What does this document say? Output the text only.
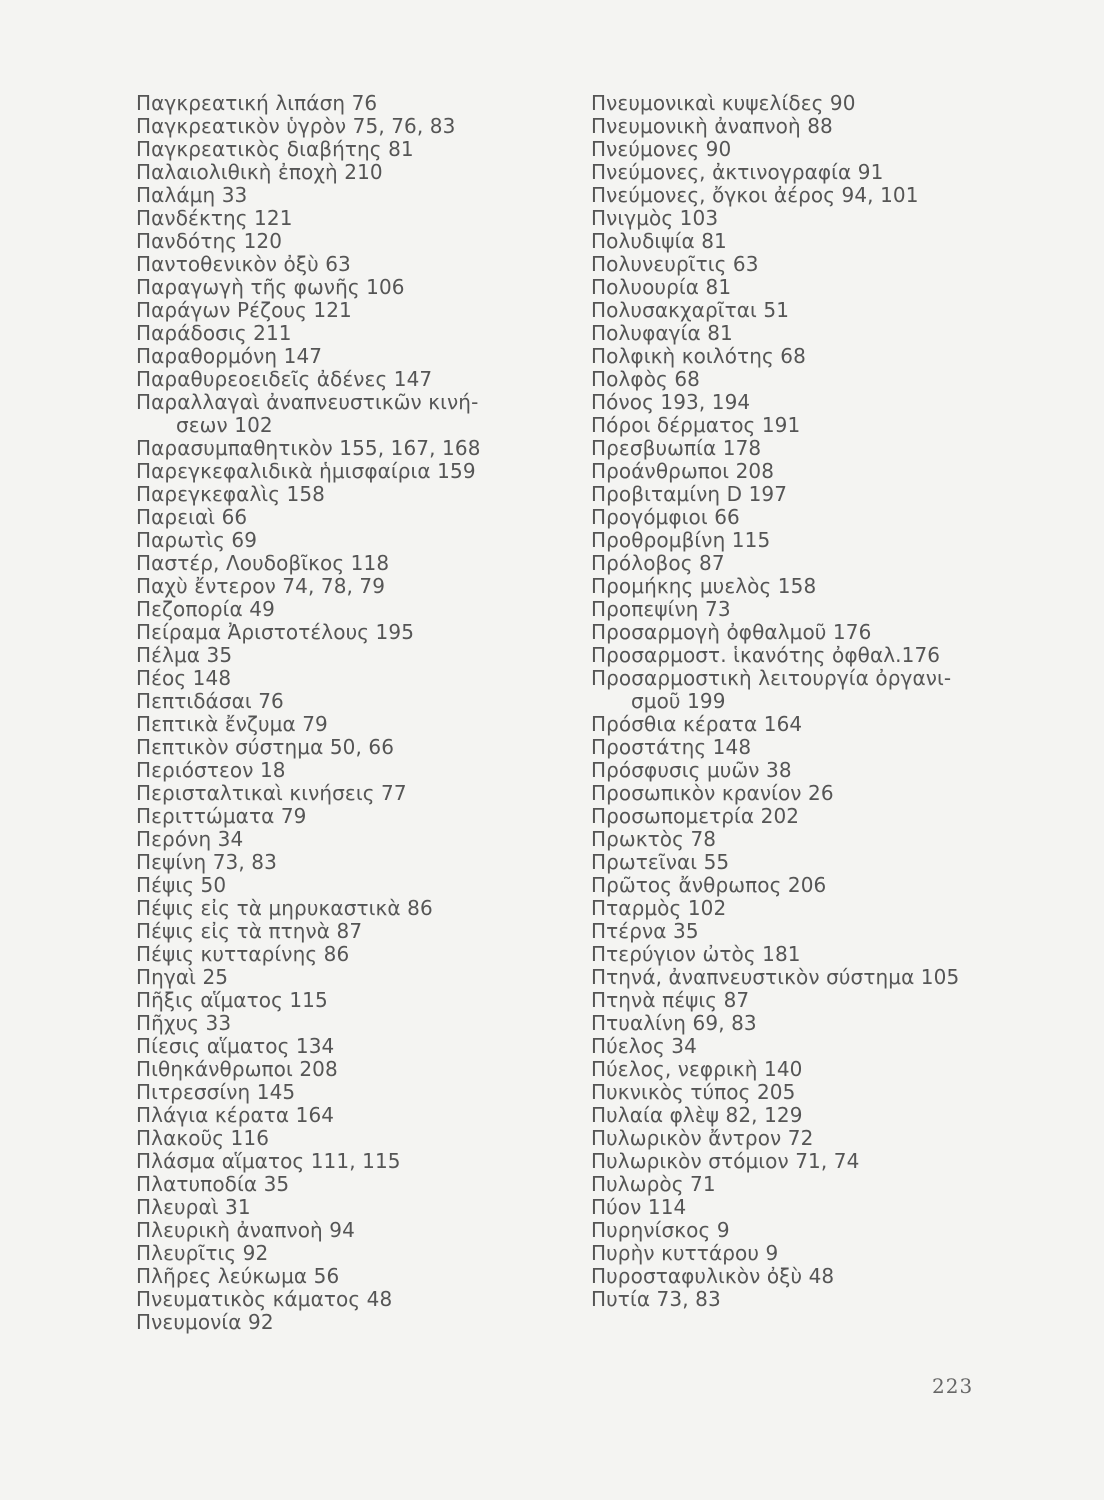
Παγκρεατική λιπάση 76
Παγκρεατικὸν ὑγρὸν 75, 76, 83
Παγκρεατικὸς διαβήτης 81
Παλαιολιθικὴ ἐποχὴ 210
Παλάμη 33
Πανδέκτης 121
Πανδότης 120
Παντοθενικὸν ὀξὺ 63
Παραγωγὴ τῆς φωνῆς 106
Παράγων Ρέζους 121
Παράδοσις 211
Παραθορμόνη 147
Παραθυρεοειδεῖς ἀδένες 147
Παραλλαγαὶ ἀναπνευστικῶν κινή-
σεων 102
Παρασυμπαθητικὸν 155, 167, 168
Παρεγκεφαλιδικὰ ἡμισφαίρια 159
Παρεγκεφαλὶς 158
Παρειαὶ 66
Παρωτὶς 69
Παστέρ, Λουδοβῖκος 118
Παχὺ ἔντερον 74, 78, 79
Πεζοπορία 49
Πείραμα Ἀριστοτέλους 195
Πέλμα 35
Πέος 148
Πεπτιδάσαι 76
Πεπτικὰ ἔνζυμα 79
Πεπτικὸν σύστημα 50, 66
Περιόστεον 18
Περισταλτικαὶ κινήσεις 77
Περιττώματα 79
Περόνη 34
Πεψίνη 73, 83
Πέψις 50
Πέψις εἰς τὰ μηρυκαστικὰ 86
Πέψις εἰς τὰ πτηνὰ 87
Πέψις κυτταρίνης 86
Πηγαὶ 25
Πῆξις αἵματος 115
Πῆχυς 33
Πίεσις αἵματος 134
Πιθηκάνθρωποι 208
Πιτρεσσίνη 145
Πλάγια κέρατα 164
Πλακοῦς 116
Πλάσμα αἵματος 111, 115
Πλατυποδία 35
Πλευραὶ 31
Πλευρικὴ ἀναπνοὴ 94
Πλευρῖτις 92
Πλῆρες λεύκωμα 56
Πνευματικὸς κάματος 48
Πνευμονία 92
Πνευμονικαὶ κυψελίδες 90
Πνευμονικὴ ἀναπνοὴ 88
Πνεύμονες 90
Πνεύμονες, ἀκτινογραφία 91
Πνεύμονες, ὄγκοι ἀέρος 94, 101
Πνιγμὸς 103
Πολυδιψία 81
Πολυνευρῖτις 63
Πολυουρία 81
Πολυσακχαρῖται 51
Πολυφαγία 81
Πολφικὴ κοιλότης 68
Πολφὸς 68
Πόνος 193, 194
Πόροι δέρματος 191
Πρεσβυωπία 178
Προάνθρωποι 208
Προβιταμίνη D 197
Προγόμφιοι 66
Προθρομβίνη 115
Πρόλοβος 87
Προμήκης μυελὸς 158
Προπεψίνη 73
Προσαρμογὴ ὀφθαλμοῦ 176
Προσαρμοστ. ἱκανότης ὀφθαλ.176
Προσαρμοστικὴ λειτουργία ὀργανι-
σμοῦ 199
Πρόσθια κέρατα 164
Προστάτης 148
Πρόσφυσις μυῶν 38
Προσωπικὸν κρανίον 26
Προσωπομετρία 202
Πρωκτὸς 78
Πρωτεῖναι 55
Πρῶτος ἄνθρωπος 206
Πταρμὸς 102
Πτέρνα 35
Πτερύγιον ὠτὸς 181
Πτηνά, ἀναπνευστικὸν σύστημα 105
Πτηνὰ πέψις 87
Πτυαλίνη 69, 83
Πύελος 34
Πύελος, νεφρικὴ 140
Πυκνικὸς τύπος 205
Πυλαία φλὲψ 82, 129
Πυλωρικὸν ἄντρον 72
Πυλωρικὸν στόμιον 71, 74
Πυλωρὸς 71
Πύον 114
Πυρηνίσκος 9
Πυρὴν κυττάρου 9
Πυροσταφυλικὸν ὀξὺ 48
Πυτία 73, 83
223
